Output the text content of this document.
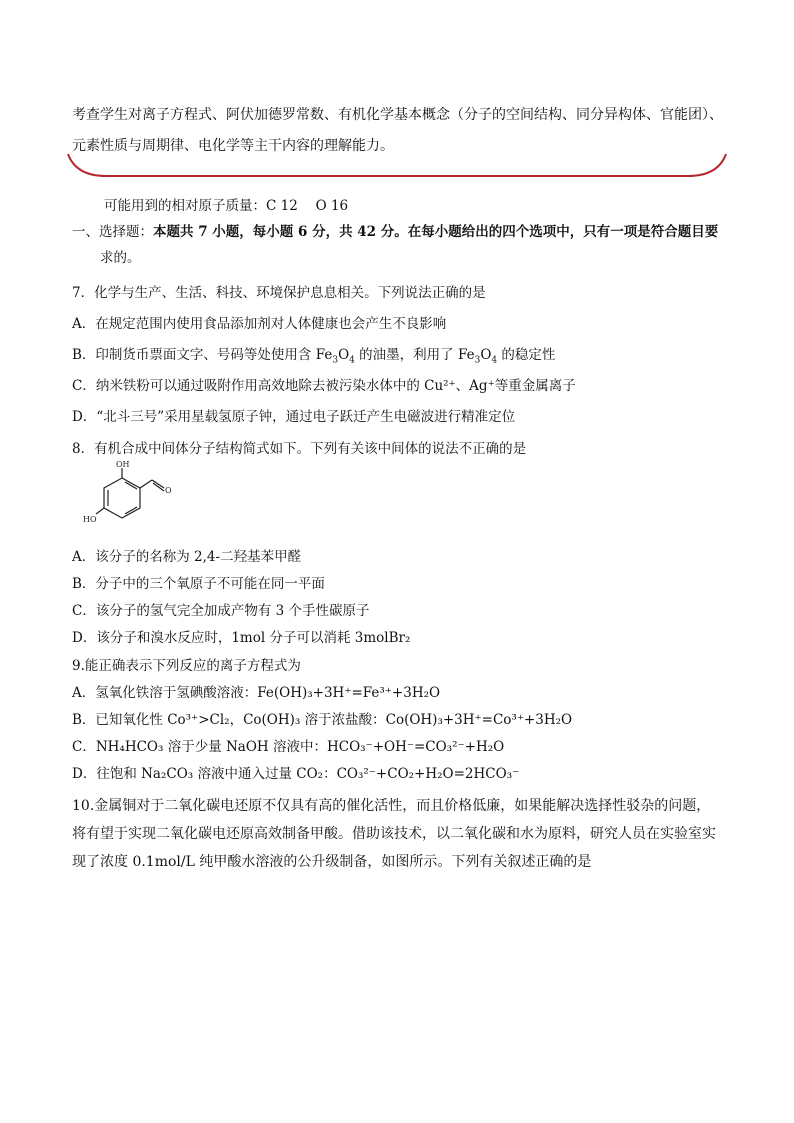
考查学生对离子方程式、阿伏加德罗常数、有机化学基本概念（分子的空间结构、同分异构体、官能团）、元素性质与周期律、电化学等主干内容的理解能力。
可能用到的相对原子质量：C 12 　O 16
一、选择题：本题共 7 小题，每小题 6 分，共 42 分。在每小题给出的四个选项中，只有一项是符合题目要
求的。
7．化学与生产、生活、科技、环境保护息息相关。下列说法正确的是
A．在规定范围内使用食品添加剂对人体健康也会产生不良影响
B．印制货币票面文字、号码等处使用含 $Fe_3O_4$ 的油墨，利用了 $Fe_3O_4$ 的稳定性
C．纳米铁粉可以通过吸附作用高效地除去被污染水体中的 Cu²⁺、Ag⁺等重金属离子
D．“北斗三号”采用星载氢原子钟，通过电子跃迁产生电磁波进行精准定位
8．有机合成中间体分子结构简式如下。下列有关该中间体的说法不正确的是
OH
HO
O
A．该分子的名称为 2,4-二羟基苯甲醛
B．分子中的三个氧原子不可能在同一平面
C．该分子的氢气完全加成产物有 3 个手性碳原子
D．该分子和溴水反应时，1mol 分子可以消耗 3molBr₂
9.能正确表示下列反应的离子方程式为
A．氢氧化铁溶于氢碘酸溶液：Fe(OH)₃+3H⁺=Fe³⁺+3H₂O
B．已知氧化性 Co³⁺>Cl₂，Co(OH)₃ 溶于浓盐酸：Co(OH)₃+3H⁺=Co³⁺+3H₂O
C．NH₄HCO₃ 溶于少量 NaOH 溶液中：HCO₃⁻+OH⁻=CO₃²⁻+H₂O
D．往饱和 Na₂CO₃ 溶液中通入过量 CO₂：CO₃²⁻+CO₂+H₂O=2HCO₃⁻
10.金属铜对于二氧化碳电还原不仅具有高的催化活性，而且价格低廉，如果能解决选择性驳杂的问题，将有望于实现二氧化碳电还原高效制备甲酸。借助该技术，以二氧化碳和水为原料，研究人员在实验室实现了浓度 0.1mol/L 纯甲酸水溶液的公升级制备，如图所示。下列有关叙述正确的是
